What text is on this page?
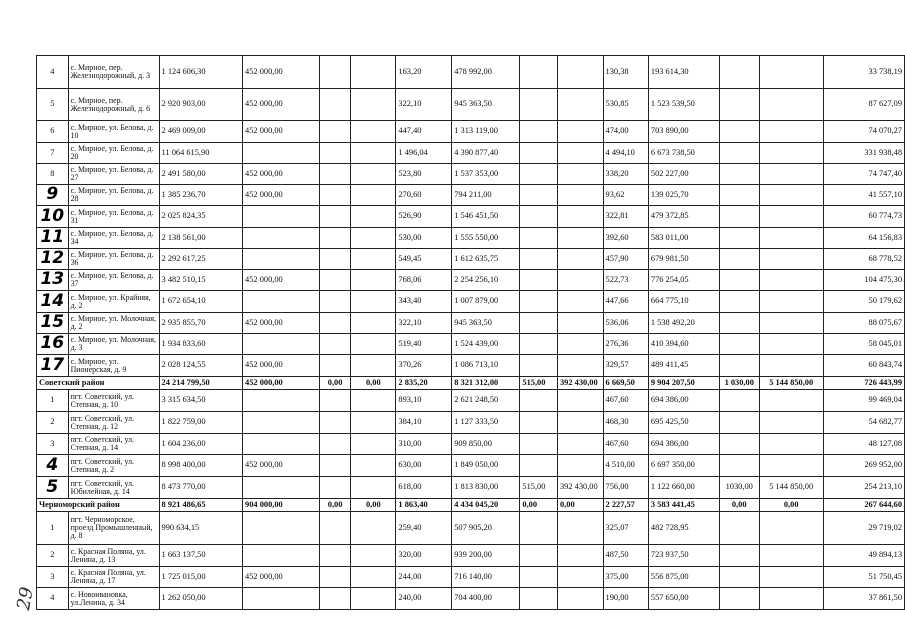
4	с. Мирное, пер. Железнодорожный, д. 3	1 124 606,30	452 000,00			163,20	478 992,00			130,38	193 614,30			33 738,19
5	с. Мирное, пер. Железнодорожный, д. 6	2 920 903,00	452 000,00			322,10	945 363,50			530,85	1 523 539,50			87 627,09
6	с. Мирное, ул. Белова, д. 10	2 469 009,00	452 000,00			447,40	1 313 119,00			474,00	703 890,00			74 070,27
7	с. Мирное, ул. Белова, д. 20	11 064 615,90				1 496,04	4 390 877,40			4 494,10	6 673 738,50			331 938,48
8	с. Мирное, ул. Белова, д. 27	2 491 580,00	452 000,00			523,80	1 537 353,00			338,20	502 227,00			74 747,40
9	с. Мирное, ул. Белова, д. 28	1 385 236,70	452 000,00			270,60	794 211,00			93,62	139 025,70			41 557,10
10	с. Мирное, ул. Белова, д. 31	2 025 824,35				526,90	1 546 451,50			322,81	479 372,85			60 774,73
11	с. Мирное, ул. Белова, д. 34	2 138 561,00				530,00	1 555 550,00			392,60	583 011,00			64 156,83
12	с. Мирное, ул. Белова, д. 36	2 292 617,25				549,45	1 612 635,75			457,90	679 981,50			68 778,52
13	с. Мирное, ул. Белова, д. 37	3 482 510,15	452 000,00			768,06	2 254 256,10			522,73	776 254,05			104 475,30
14	с. Мирное, ул. Крайняя, д. 2	1 672 654,10				343,40	1 007 879,00			447,66	664 775,10			50 179,62
15	с. Мирное, ул. Молочная, д. 2	2 935 855,70	452 000,00			322,10	945 363,50			536,06	1 538 492,20			88 075,67
16	с. Мирное, ул. Молочная, д. 3	1 934 833,60				519,40	1 524 439,00			276,36	410 394,60			58 045,01
17	с. Мирное, ул. Пионерская, д. 9	2 028 124,55	452 000,00			370,26	1 086 713,10			329,57	489 411,45			60 843,74
Советский район		24 214 799,50	452 000,00	0,00	0,00	2 835,20	8 321 312,00	515,00	392 430,00	6 669,50	9 904 207,50	1 030,00	5 144 850,00	726 443,99
1	пгт. Советский, ул. Степная, д. 10	3 315 634,50				893,10	2 621 248,50			467,60	694 386,00			99 469,04
2	пгт. Советский, ул. Степная, д. 12	1 822 759,00				384,10	1 127 333,50			468,30	695 425,50			54 682,77
3	пгт. Советский, ул. Степная, д. 14	1 604 236,00				310,00	909 850,00			467,60	694 386,00			48 127,08
4	пгт. Советский, ул. Степная, д. 2	8 998 400,00	452 000,00			630,00	1 849 050,00			4 510,00	6 697 350,00			269 952,00
5	пгт. Советский, ул. Юбилейная, д. 14	8 473 770,00				618,00	1 813 830,00	515,00	392 430,00	756,00	1 122 660,00	1030,00	5 144 850,00	254 213,10
Черноморский район		8 921 486,65	904 000,00	0,00	0,00	1 863,40	4 434 045,20	0,00	0,00	2 227,57	3 583 441,45	0,00	0,00	267 644,60
1	пгт. Черноморское, проезд Промышленный, д. 8	990 634,15				259,40	507 905,20			325,07	482 728,95			29 719,02
2	с. Красная Поляна, ул. Ленина, д. 13	1 663 137,50				320,00	939 200,00			487,50	723 937,50			49 894,13
3	с. Красная Поляна, ул. Ленина, д. 17	1 725 015,00	452 000,00			244,00	716 140,00			375,00	556 875,00			51 750,45
4	с. Новоивановка, ул.Ленина, д. 34	1 262 050,00				240,00	704 400,00			190,00	557 650,00			37 861,50
29
